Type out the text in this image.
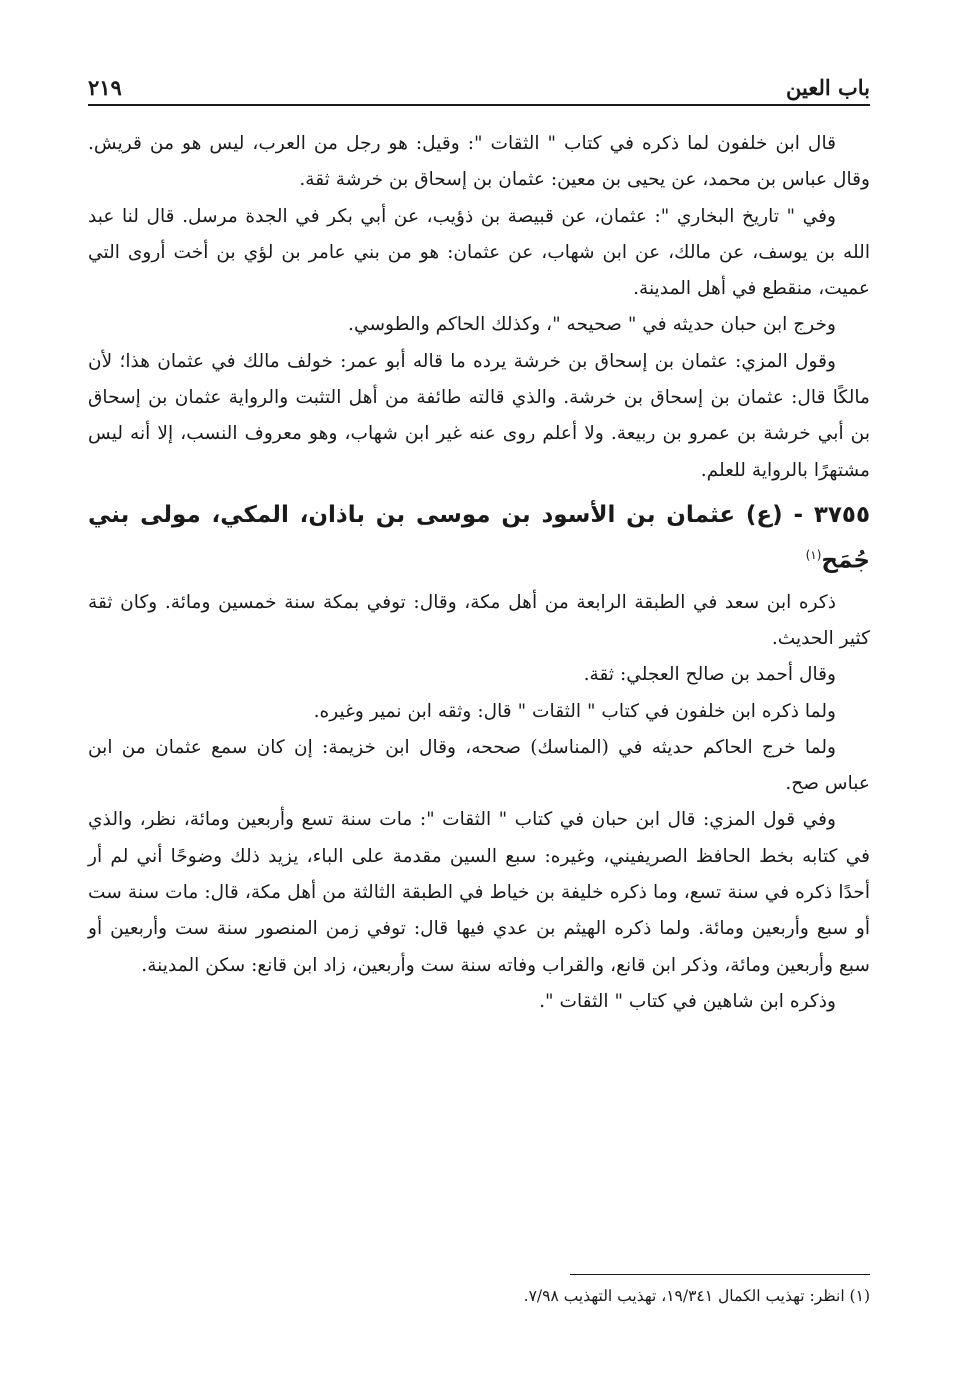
باب العين
٢١٩

قال ابن خلفون لما ذكره في كتاب " الثقات ": وقيل: هو رجل من العرب، ليس هو من قريش. وقال عباس بن محمد، عن يحيى بن معين: عثمان بن إسحاق بن خرشة ثقة.

وفي " تاريخ البخاري ": عثمان، عن قبيصة بن ذؤيب، عن أبي بكر في الجدة مرسل. قال لنا عبد الله بن يوسف، عن مالك، عن ابن شهاب، عن عثمان: هو من بني عامر بن لؤي بن أخت أروى التي عميت، منقطع في أهل المدينة.

وخرج ابن حبان حديثه في " صحيحه "، وكذلك الحاكم والطوسي.

وقول المزي: عثمان بن إسحاق بن خرشة يرده ما قاله أبو عمر: خولف مالك في عثمان هذا؛ لأن مالكًا قال: عثمان بن إسحاق بن خرشة. والذي قالته طائفة من أهل التثبت والرواية عثمان بن إسحاق بن أبي خرشة بن عمرو بن ربيعة. ولا أعلم روى عنه غير ابن شهاب، وهو معروف النسب، إلا أنه ليس مشتهرًا بالرواية للعلم.

٣٧٥٥ - (ع) عثمان بن الأسود بن موسى بن باذان، المكي، مولى بني جُمَح$^{(١)}$

ذكره ابن سعد في الطبقة الرابعة من أهل مكة، وقال: توفي بمكة سنة خمسين ومائة. وكان ثقة كثير الحديث.

وقال أحمد بن صالح العجلي: ثقة.

ولما ذكره ابن خلفون في كتاب " الثقات " قال: وثقه ابن نمير وغيره.

ولما خرج الحاكم حديثه في (المناسك) صححه، وقال ابن خزيمة: إن كان سمع عثمان من ابن عباس صح.

وفي قول المزي: قال ابن حبان في كتاب " الثقات ": مات سنة تسع وأربعين ومائة، نظر، والذي في كتابه بخط الحافظ الصريفيني، وغيره: سبع السين مقدمة على الباء، يزيد ذلك وضوحًا أني لم أر أحدًا ذكره في سنة تسع، وما ذكره خليفة بن خياط في الطبقة الثالثة من أهل مكة، قال: مات سنة ست أو سبع وأربعين ومائة. ولما ذكره الهيثم بن عدي فيها قال: توفي زمن المنصور سنة ست وأربعين أو سبع وأربعين ومائة، وذكر ابن قانع، والقراب وفاته سنة ست وأربعين، زاد ابن قانع: سكن المدينة.

وذكره ابن شاهين في كتاب " الثقات ".

(١) انظر: تهذيب الكمال ١٩/٣٤١، تهذيب التهذيب ٧/٩٨.
